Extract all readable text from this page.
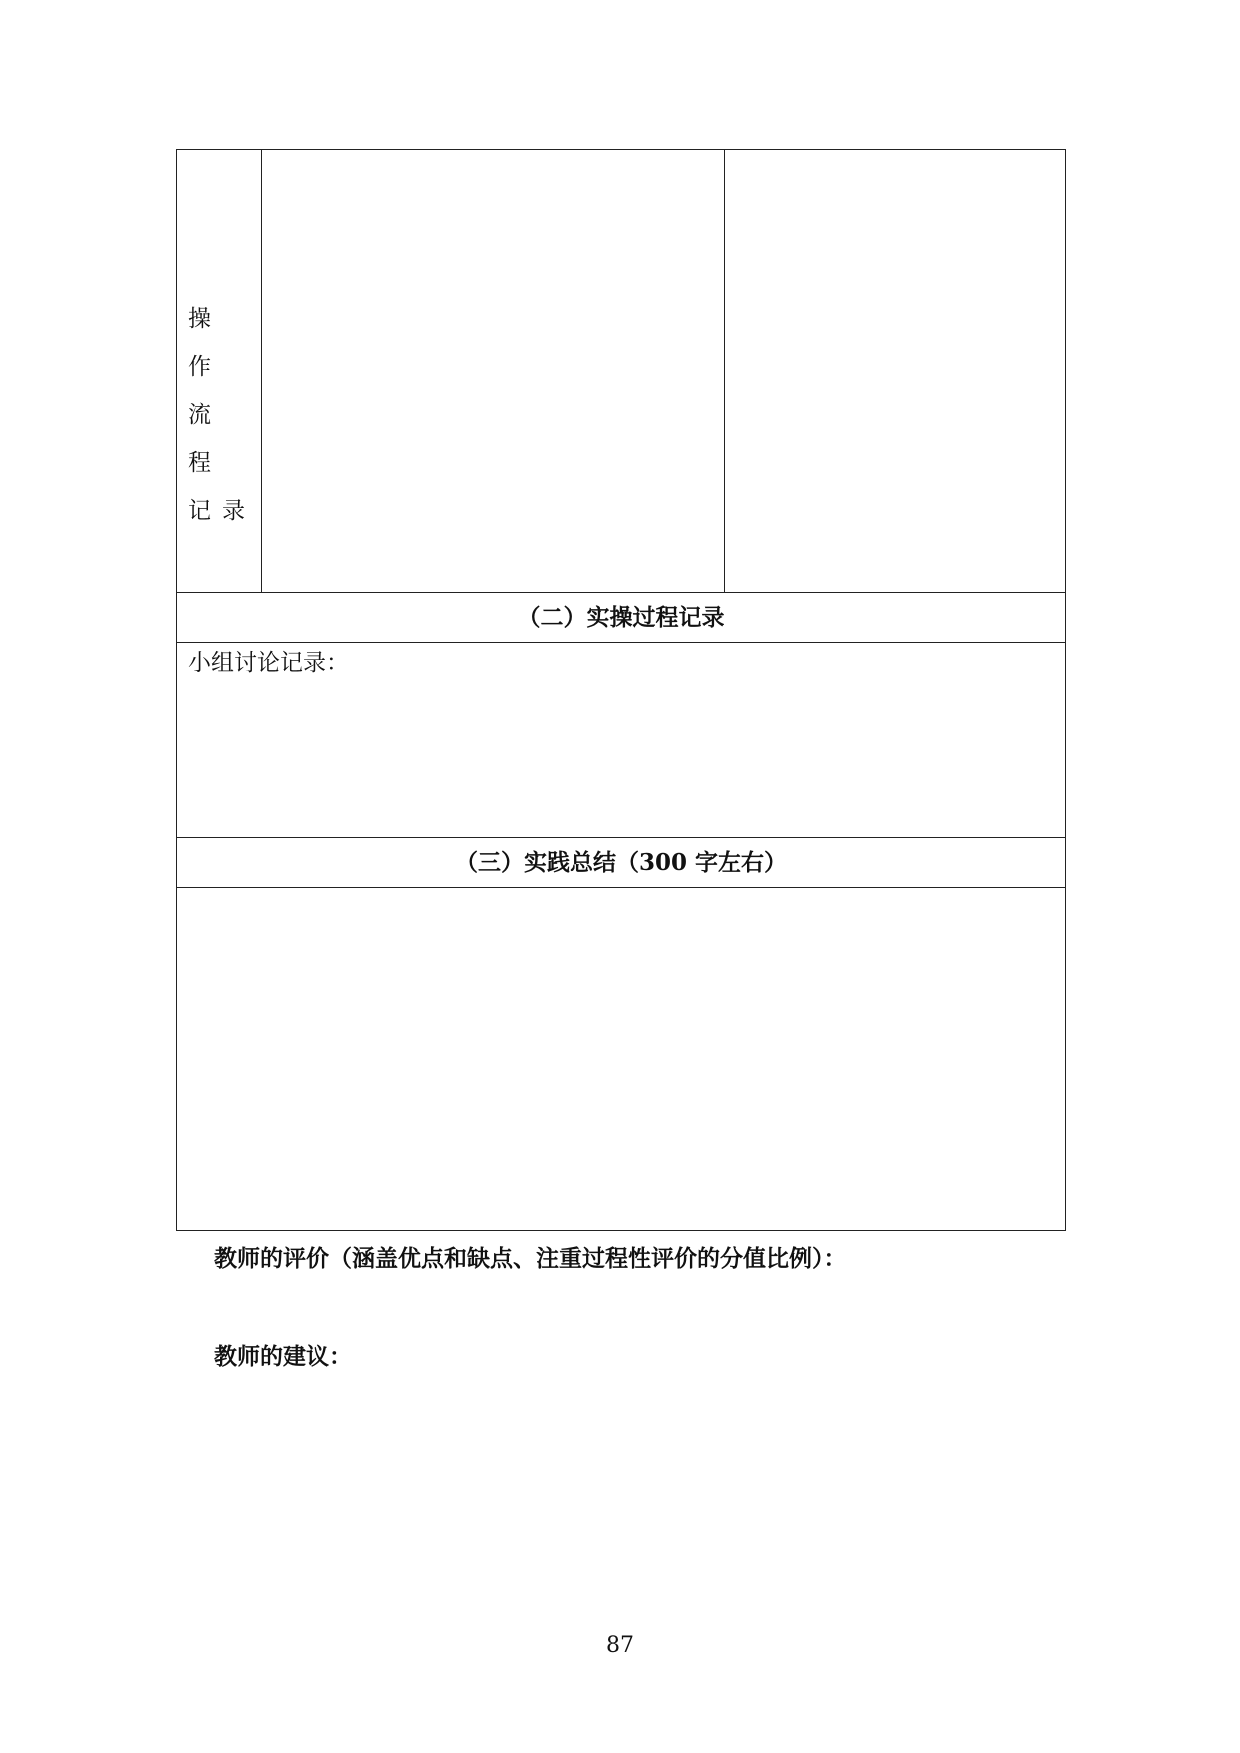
操 作 流 程 记录

（二）实操过程记录

小组讨论记录：

（三）实践总结（300 字左右）

教师的评价（涵盖优点和缺点、注重过程性评价的分值比例）：
教师的建议：
87
